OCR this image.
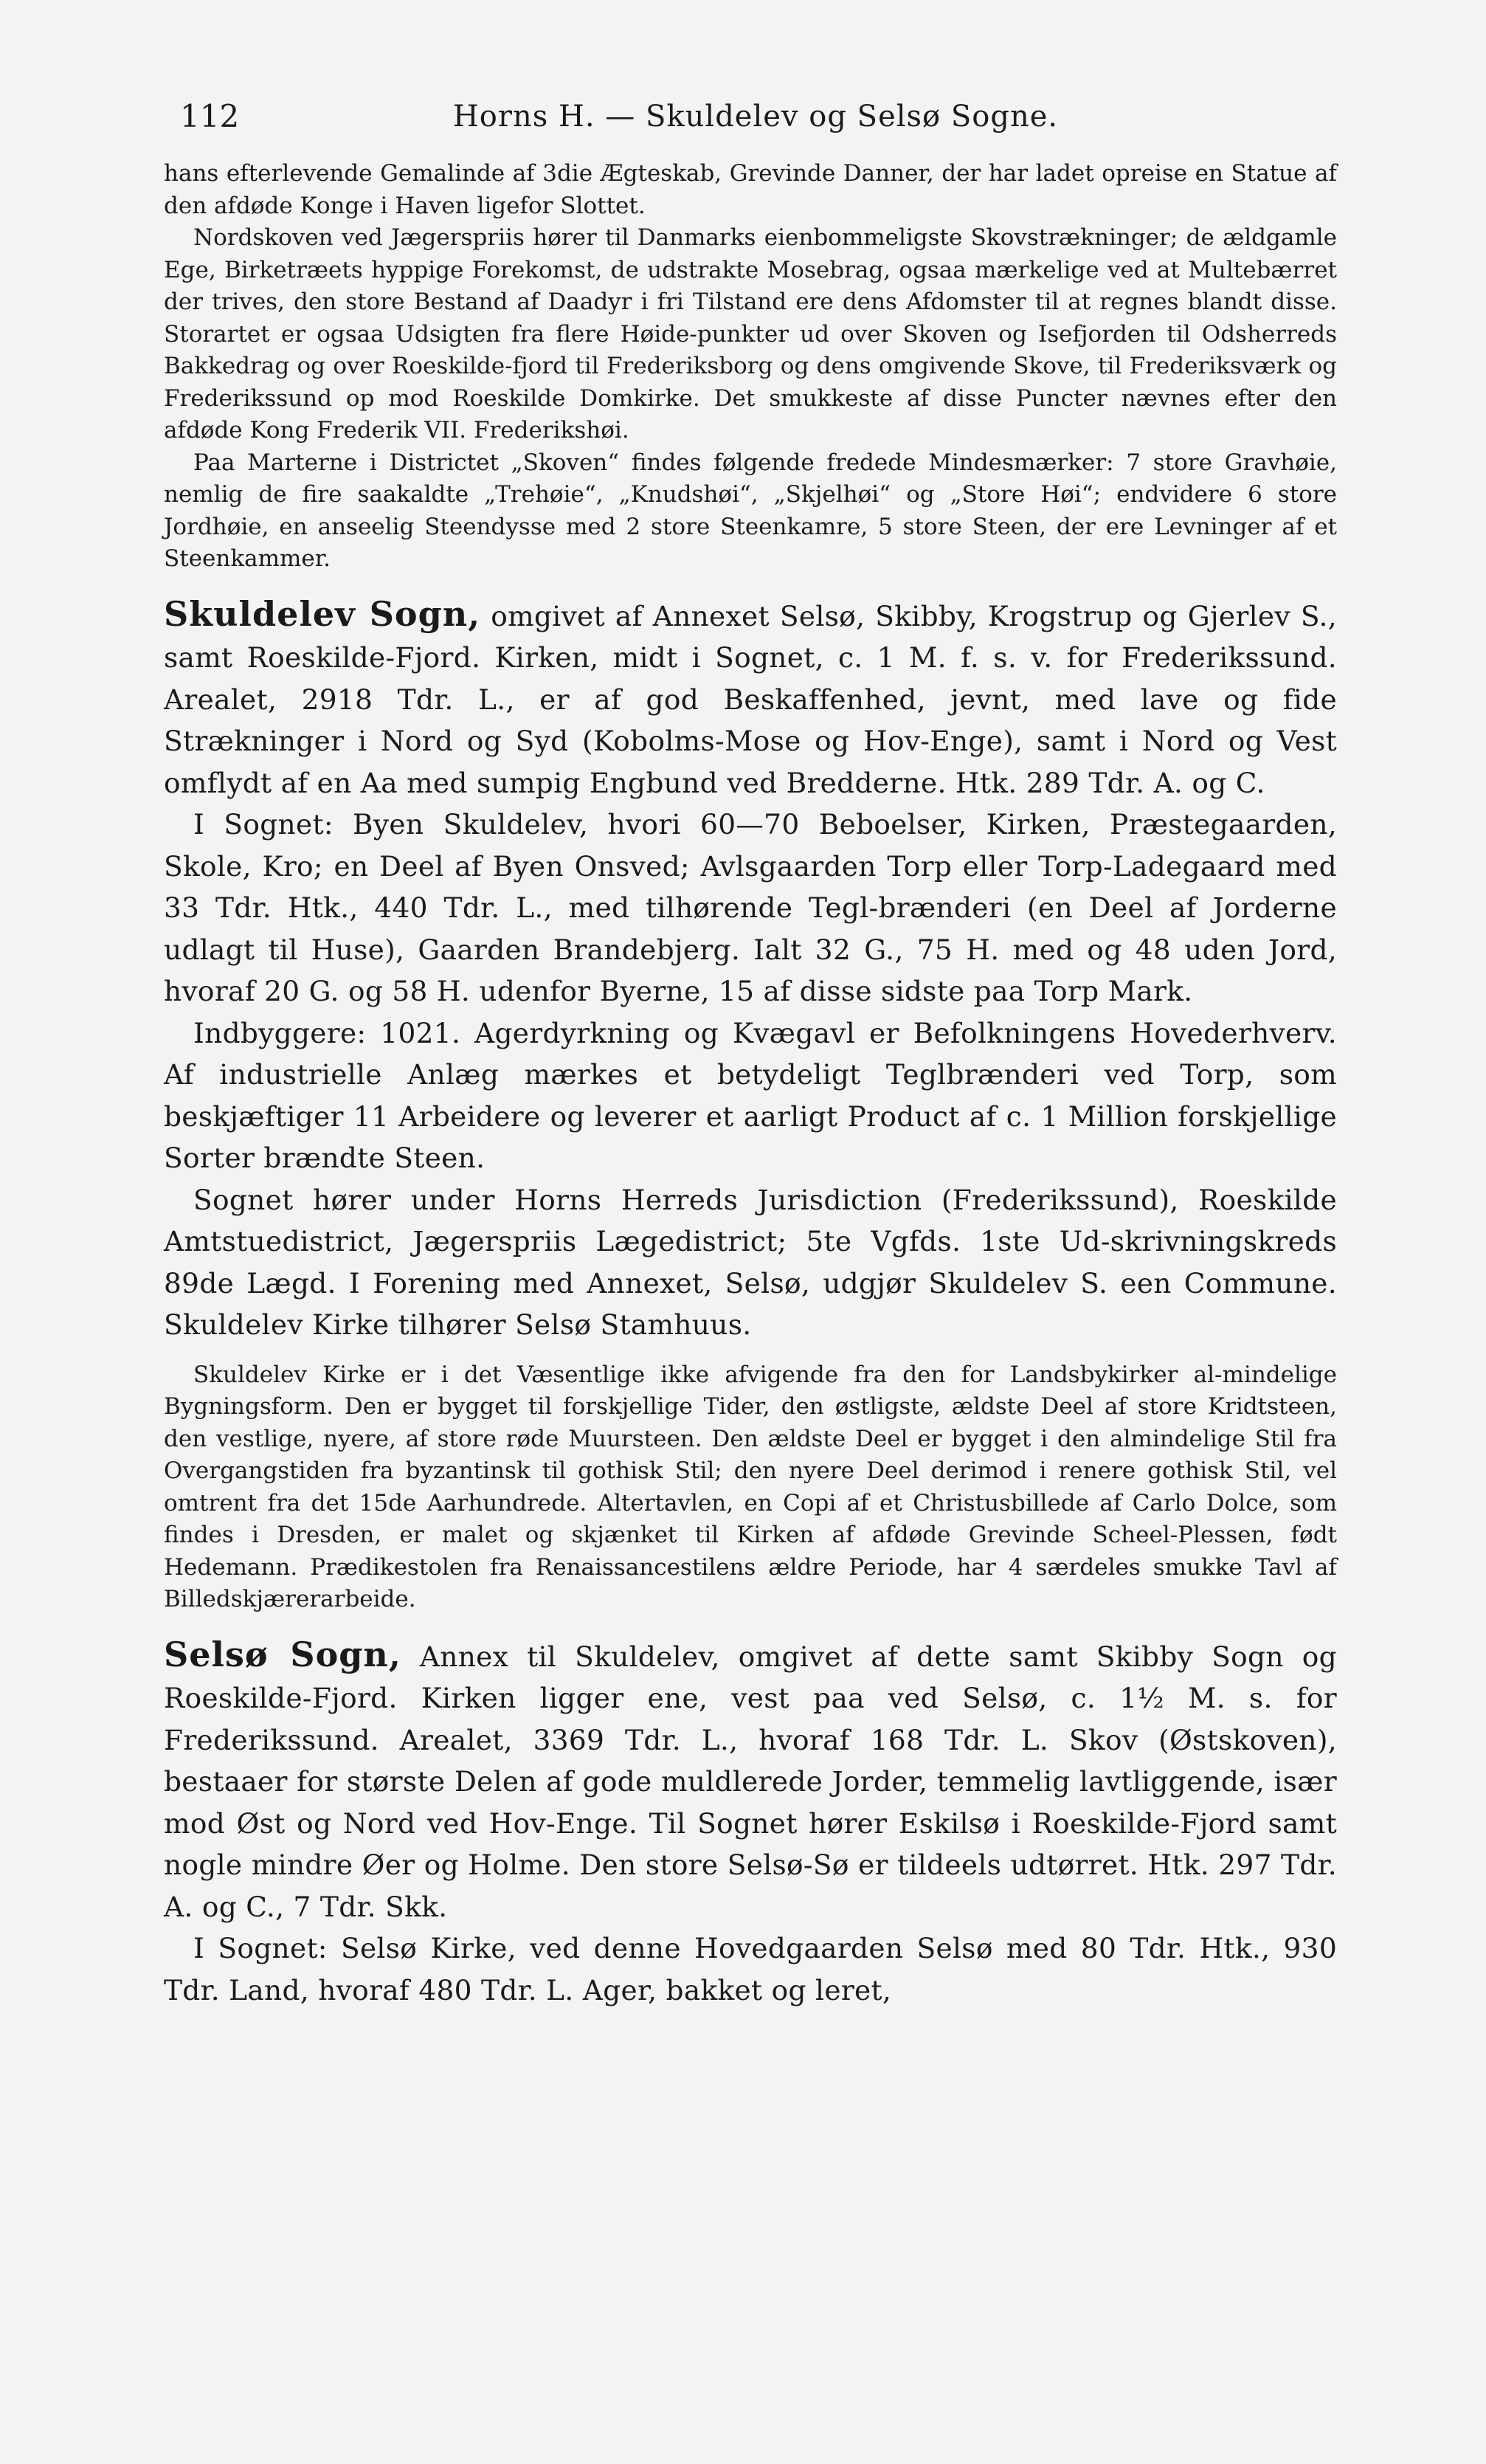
112	Horns H. — Skuldelev og Selsø Sogne.

hans efterlevende Gemalinde af 3die Ægteskab, Grevinde Danner, der har ladet opreise en Statue af den afdøde Konge i Haven ligefor Slottet.

Nordskoven ved Jægerspriis hører til Danmarks eienbommeligste Skovstrækninger; de ældgamle Ege, Birketræets hyppige Forekomst, de udstrakte Mosebrag, ogsaa mærkelige ved at Multebærret der trives, den store Bestand af Daadyr i fri Tilstand ere dens Afdomster til at regnes blandt disse. Storartet er ogsaa Udsigten fra flere Høide-punkter ud over Skoven og Isefjorden til Odsherreds Bakkedrag og over Roeskilde-fjord til Frederiksborg og dens omgivende Skove, til Frederiksværk og Frederikssund op mod Roeskilde Domkirke. Det smukkeste af disse Puncter nævnes efter den afdøde Kong Frederik VII. Frederikshøi.

Paa Marterne i Districtet „Skoven“ findes følgende fredede Mindesmærker: 7 store Gravhøie, nemlig de fire saakaldte „Trehøie“, „Knudshøi“, „Skjelhøi“ og „Store Høi“; endvidere 6 store Jordhøie, en anseelig Steendysse med 2 store Steenkamre, 5 store Steen, der ere Levninger af et Steenkammer.

Skuldelev Sogn, omgivet af Annexet Selsø, Skibby, Krogstrup og Gjerlev S., samt Roeskilde-Fjord. Kirken, midt i Sognet, c. 1 M. f. s. v. for Frederikssund. Arealet, 2918 Tdr. L., er af god Beskaffenhed, jevnt, med lave og fide Strækninger i Nord og Syd (Kobolms-Mose og Hov-Enge), samt i Nord og Vest omflydt af en Aa med sumpig Engbund ved Bredderne. Htk. 289 Tdr. A. og C.

I Sognet: Byen Skuldelev, hvori 60—70 Beboelser, Kirken, Præstegaarden, Skole, Kro; en Deel af Byen Onsved; Avlsgaarden Torp eller Torp-Ladegaard med 33 Tdr. Htk., 440 Tdr. L., med tilhørende Tegl-brænderi (en Deel af Jorderne udlagt til Huse), Gaarden Brandebjerg. Ialt 32 G., 75 H. med og 48 uden Jord, hvoraf 20 G. og 58 H. udenfor Byerne, 15 af disse sidste paa Torp Mark.

Indbyggere: 1021. Agerdyrkning og Kvægavl er Befolkningens Hovederhverv. Af industrielle Anlæg mærkes et betydeligt Teglbrænderi ved Torp, som beskjæftiger 11 Arbeidere og leverer et aarligt Product af c. 1 Million forskjellige Sorter brændte Steen.

Sognet hører under Horns Herreds Jurisdiction (Frederikssund), Roeskilde Amtstuedistrict, Jægerspriis Lægedistrict; 5te Vgfds. 1ste Ud-skrivningskreds 89de Lægd. I Forening med Annexet, Selsø, udgjør Skuldelev S. een Commune. Skuldelev Kirke tilhører Selsø Stamhuus.

Skuldelev Kirke er i det Væsentlige ikke afvigende fra den for Landsbykirker al-mindelige Bygningsform. Den er bygget til forskjellige Tider, den østligste, ældste Deel af store Kridtsteen, den vestlige, nyere, af store røde Muursteen. Den ældste Deel er bygget i den almindelige Stil fra Overgangstiden fra byzantinsk til gothisk Stil; den nyere Deel derimod i renere gothisk Stil, vel omtrent fra det 15de Aarhundrede. Altertavlen, en Copi af et Christusbillede af Carlo Dolce, som findes i Dresden, er malet og skjænket til Kirken af afdøde Grevinde Scheel-Plessen, født Hedemann. Prædikestolen fra Renaissancestilens ældre Periode, har 4 særdeles smukke Tavl af Billedskjærerarbeide.

Selsø Sogn, Annex til Skuldelev, omgivet af dette samt Skibby Sogn og Roeskilde-Fjord. Kirken ligger ene, vest paa ved Selsø, c. 1½ M. s. for Frederikssund. Arealet, 3369 Tdr. L., hvoraf 168 Tdr. L. Skov (Østskoven), bestaaer for største Delen af gode muldlerede Jorder, temmelig lavtliggende, især mod Øst og Nord ved Hov-Enge. Til Sognet hører Eskilsø i Roeskilde-Fjord samt nogle mindre Øer og Holme. Den store Selsø-Sø er tildeels udtørret. Htk. 297 Tdr. A. og C., 7 Tdr. Skk.

I Sognet: Selsø Kirke, ved denne Hovedgaarden Selsø med 80 Tdr. Htk., 930 Tdr. Land, hvoraf 480 Tdr. L. Ager, bakket og leret,
